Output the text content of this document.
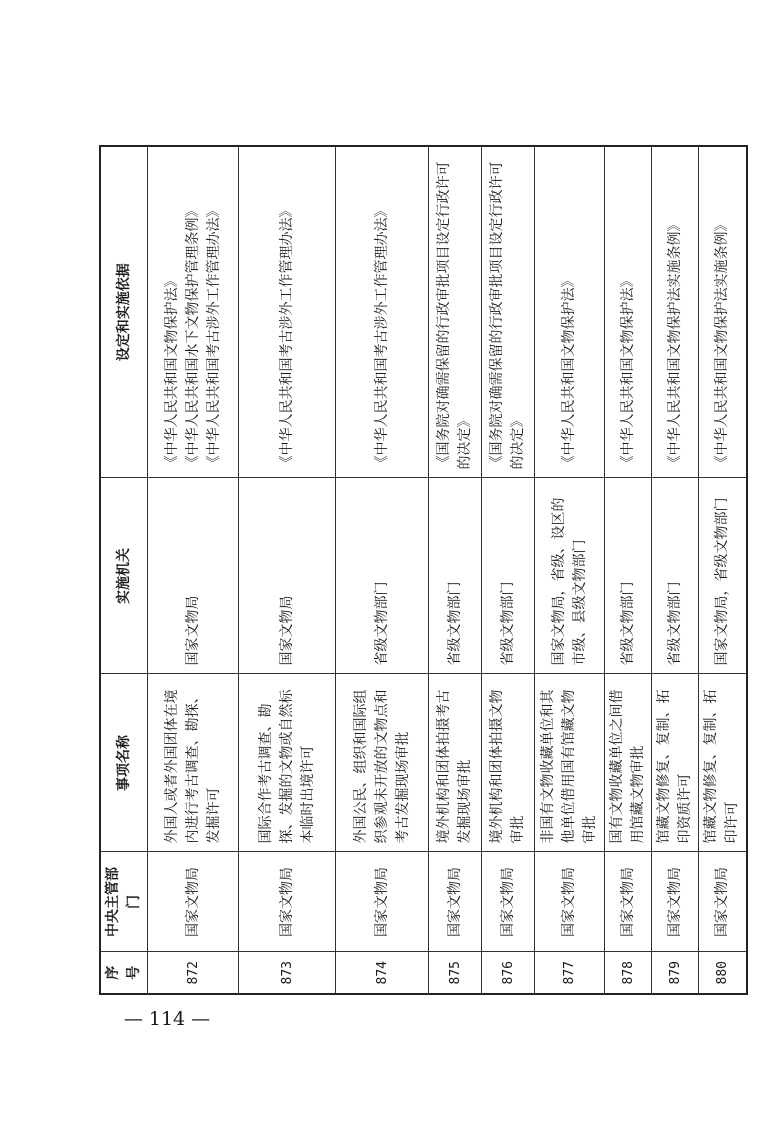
序号	中央主管部门	事项名称	实施机关	设定和实施依据
872	国家文物局	外国人或者外国团体在境内进行考古调查、勘探、发掘许可	国家文物局	《中华人民共和国文物保护法》 《中华人民共和国水下文物保护管理条例》 《中华人民共和国考古涉外工作管理办法》

873	国家文物局	国际合作考古调查、勘探、发掘的文物或自然标本临时出境许可	国家文物局	《中华人民共和国考古涉外工作管理办法》

874	国家文物局	外国公民、组织和国际组织参观未开放的文物点和考古发掘现场审批	省级文物部门	《中华人民共和国考古涉外工作管理办法》

875	国家文物局	境外机构和团体拍摄考古发掘现场审批	省级文物部门	《国务院对确需保留的行政审批项目设定行政许可的决定》

876	国家文物局	境外机构和团体拍摄文物审批	省级文物部门	《国务院对确需保留的行政审批项目设定行政许可的决定》

877	国家文物局	非国有文物收藏单位和其他单位借用国有馆藏文物审批	国家文物局，省级、设区的市级、县级文物部门	《中华人民共和国文物保护法》

878	国家文物局	国有文物收藏单位之间借用馆藏文物审批	省级文物部门	《中华人民共和国文物保护法》

879	国家文物局	馆藏文物修复、复制、拓印资质许可	省级文物部门	《中华人民共和国文物保护法实施条例》

880	国家文物局	馆藏文物修复、复制、拓印许可	国家文物局，省级文物部门	《中华人民共和国文物保护法实施条例》
— 114 —
